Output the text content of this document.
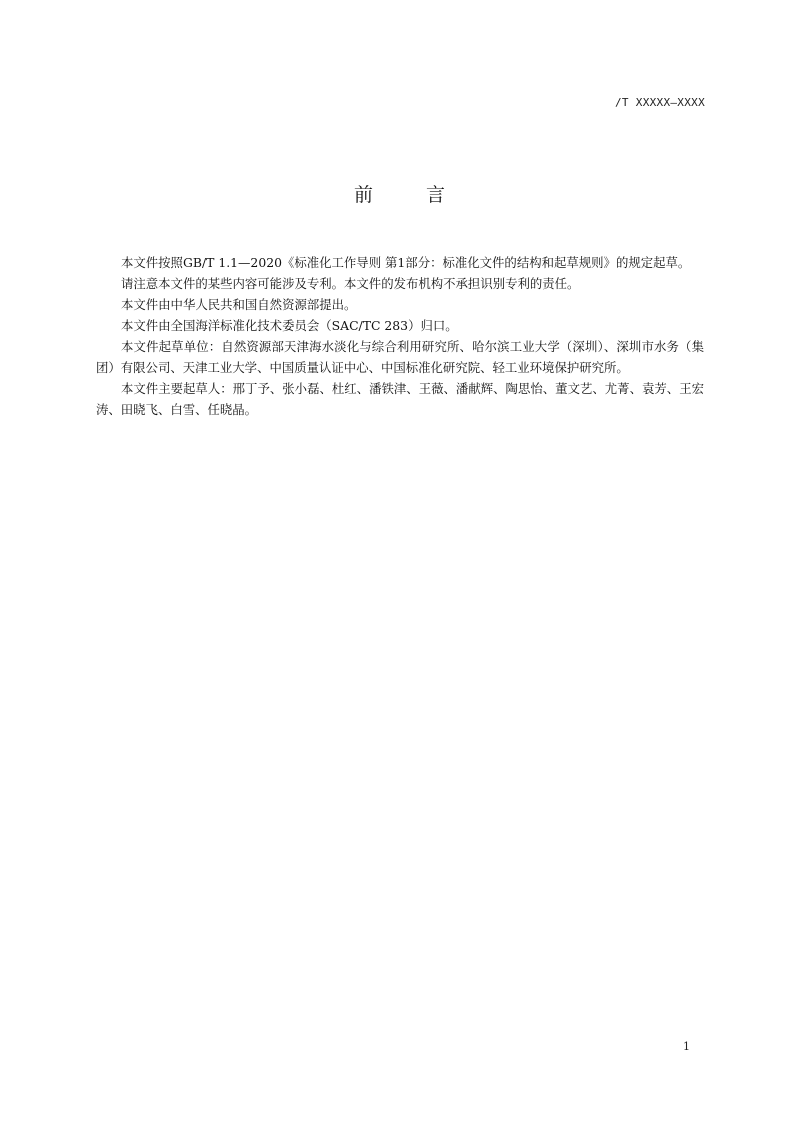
/T XXXXX—XXXX
前	言

本文件按照GB/T 1.1—2020《标准化工作导则 第1部分：标准化文件的结构和起草规则》的规定起草。

请注意本文件的某些内容可能涉及专利。本文件的发布机构不承担识别专利的责任。

本文件由中华人民共和国自然资源部提出。

本文件由全国海洋标准化技术委员会（SAC/TC 283）归口。

本文件起草单位：自然资源部天津海水淡化与综合利用研究所、哈尔滨工业大学（深圳）、深圳市水务（集团）有限公司、天津工业大学、中国质量认证中心、中国标准化研究院、轻工业环境保护研究所。

本文件主要起草人：邢丁予、张小磊、杜红、潘铁津、王薇、潘献辉、陶思怡、董文艺、尤菁、袁芳、王宏涛、田晓飞、白雪、任晓晶。

1
